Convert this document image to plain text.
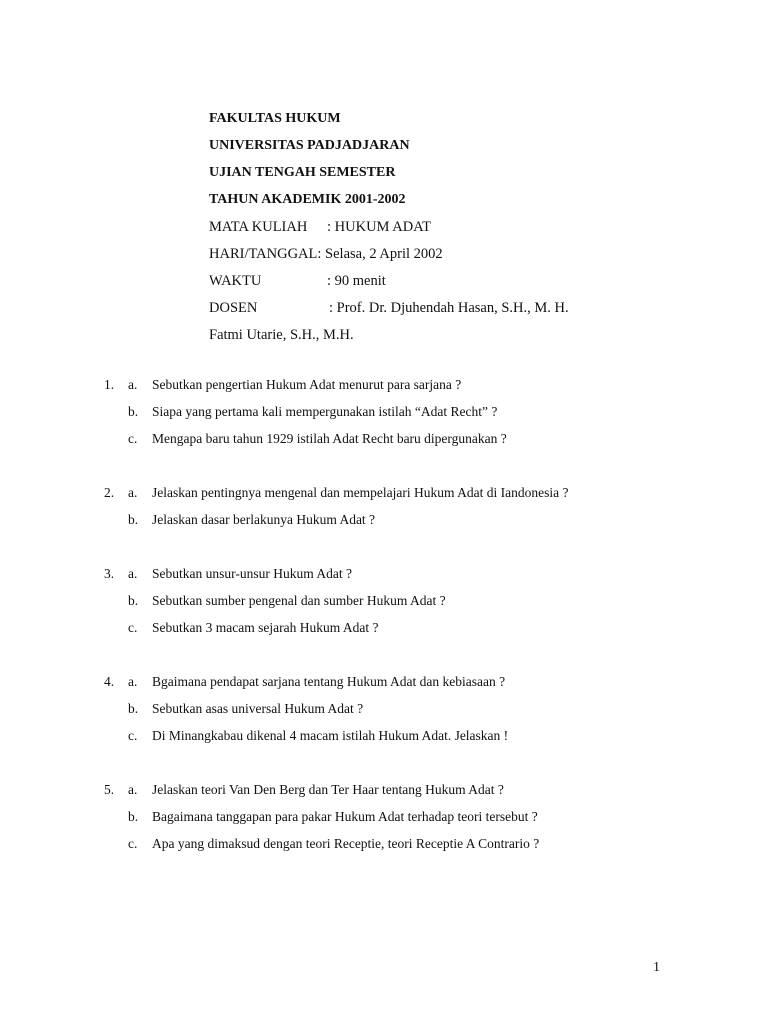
FAKULTAS HUKUM
UNIVERSITAS PADJADJARAN
UJIAN TENGAH SEMESTER
TAHUN AKADEMIK 2001-2002
MATA KULIAH	: HUKUM ADAT
HARI/TANGGAL : Selasa, 2 April 2002
WAKTU	: 90 menit
DOSEN	: Prof. Dr. Djuhendah Hasan, S.H., M. H.
Fatmi Utarie, S.H., M.H.
1.	a.	Sebutkan pengertian Hukum Adat menurut para sarjana ?
b.	Siapa yang pertama kali mempergunakan istilah “Adat Recht” ?
c.	Mengapa baru tahun 1929 istilah Adat Recht baru dipergunakan ?
2.	a.	Jelaskan pentingnya mengenal dan mempelajari Hukum Adat di Iandonesia ?
b.	Jelaskan dasar berlakunya Hukum Adat ?
3.	a.	Sebutkan unsur-unsur Hukum Adat ?
b.	Sebutkan sumber pengenal dan sumber Hukum Adat ?
c.	Sebutkan 3 macam sejarah Hukum Adat ?
4.	a.	Bgaimana pendapat sarjana tentang Hukum Adat dan kebiasaan ?
b.	Sebutkan asas universal Hukum Adat ?
c.	Di Minangkabau dikenal 4 macam istilah Hukum Adat. Jelaskan !
5.	a.	Jelaskan teori Van Den Berg dan Ter Haar tentang Hukum Adat ?
b.	Bagaimana tanggapan para pakar Hukum Adat terhadap teori tersebut ?
c.	Apa yang dimaksud dengan teori Receptie, teori Receptie A Contrario ?
1
